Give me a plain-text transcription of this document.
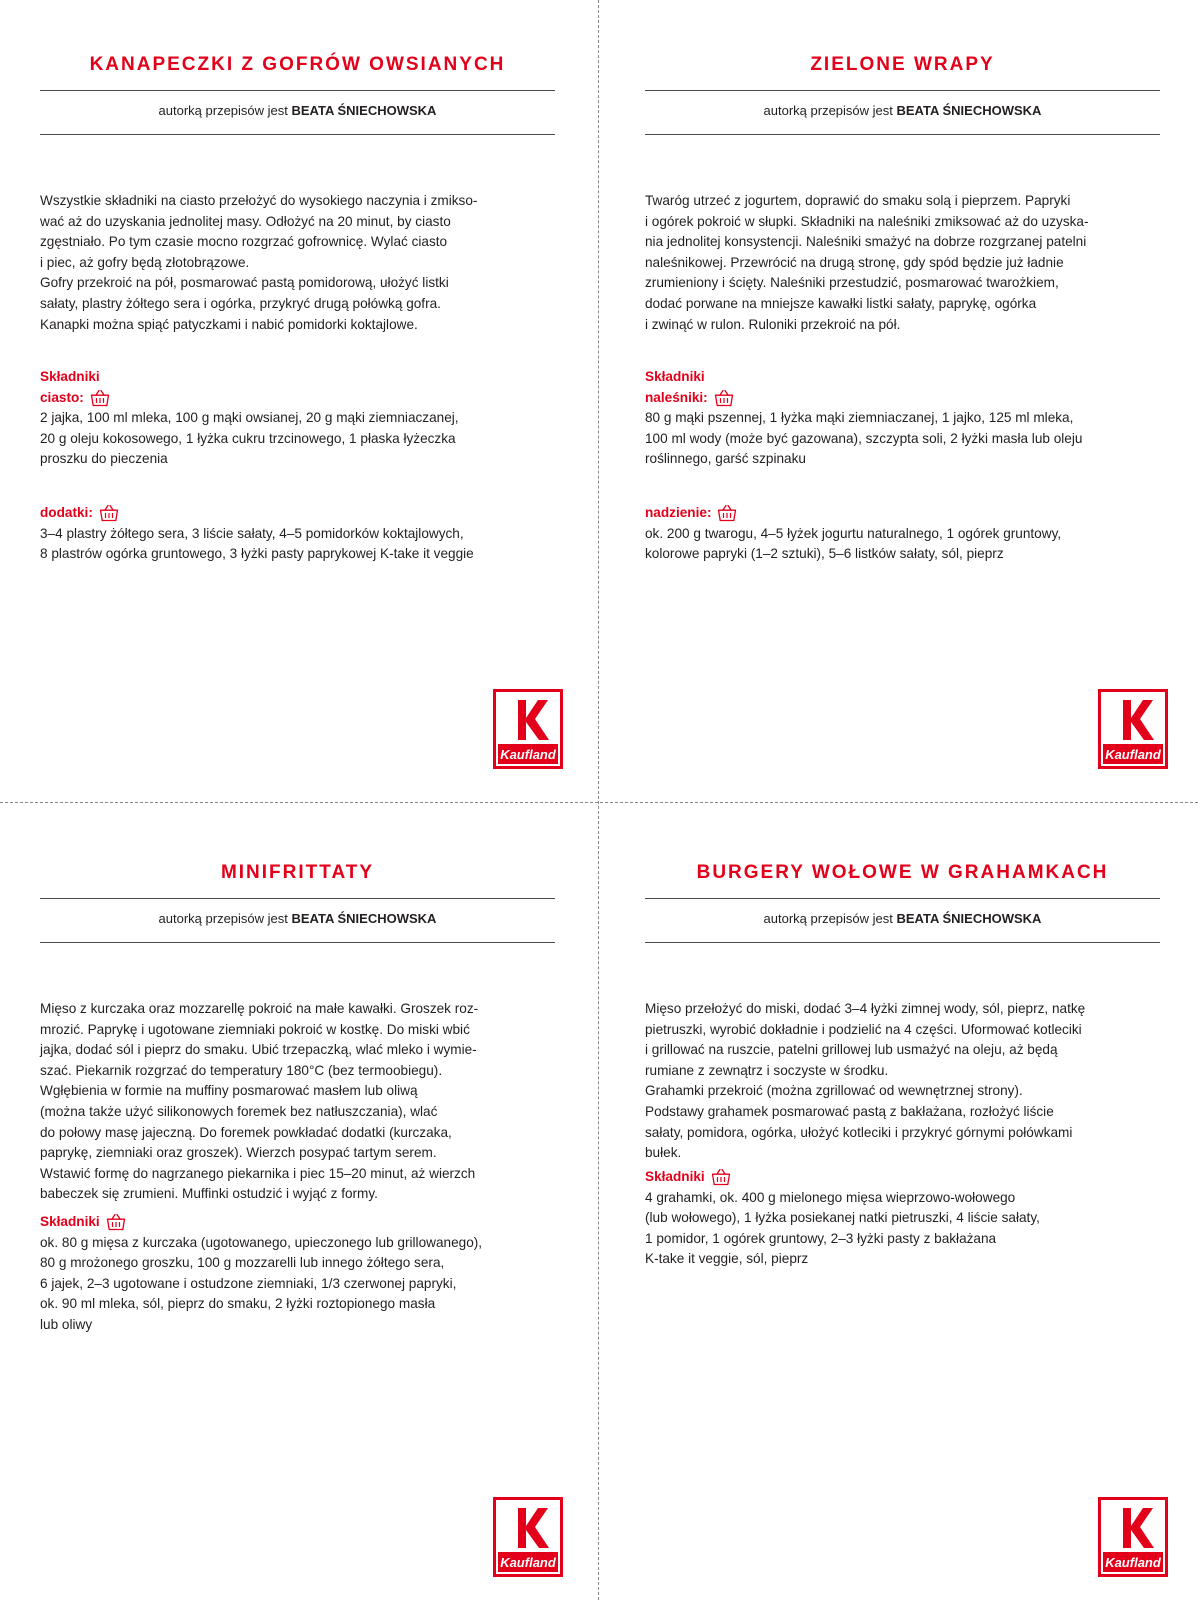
KANAPECZKI Z GOFRÓW OWSIANYCH
autorką przepisów jest BEATA ŚNIECHOWSKA

Wszystkie składniki na ciasto przełożyć do wysokiego naczynia i zmikso-

wać aż do uzyskania jednolitej masy. Odłożyć na 20 minut, by ciasto

zgęstniało. Po tym czasie mocno rozgrzać gofrownicę. Wylać ciasto

i piec, aż gofry będą złotobrązowe.

Gofry przekroić na pół, posmarować pastą pomidorową, ułożyć listki

sałaty, plastry żółtego sera i ogórka, przykryć drugą połówką gofra.

Kanapki można spiąć patyczkami i nabić pomidorki koktajlowe.

Składniki
ciasto:

2 jajka, 100 ml mleka, 100 g mąki owsianej, 20 g mąki ziemniaczanej,

20 g oleju kokosowego, 1 łyżka cukru trzcinowego, 1 płaska łyżeczka

proszku do pieczenia

dodatki:

3–4 plastry żółtego sera, 3 liście sałaty, 4–5 pomidorków koktajlowych,

8 plastrów ogórka gruntowego, 3 łyżki pasty paprykowej K-take it veggie

Kaufland
ZIELONE WRAPY
autorką przepisów jest BEATA ŚNIECHOWSKA

Twaróg utrzeć z jogurtem, doprawić do smaku solą i pieprzem. Papryki

i ogórek pokroić w słupki. Składniki na naleśniki zmiksować aż do uzyska-

nia jednolitej konsystencji. Naleśniki smażyć na dobrze rozgrzanej patelni

naleśnikowej. Przewrócić na drugą stronę, gdy spód będzie już ładnie

zrumieniony i ścięty. Naleśniki przestudzić, posmarować twarożkiem,

dodać porwane na mniejsze kawałki listki sałaty, paprykę, ogórka

i zwinąć w rulon. Ruloniki przekroić na pół.

Składniki
naleśniki:

80 g mąki pszennej, 1 łyżka mąki ziemniaczanej, 1 jajko, 125 ml mleka,

100 ml wody (może być gazowana), szczypta soli, 2 łyżki masła lub oleju

roślinnego, garść szpinaku

nadzienie:

ok. 200 g twarogu, 4–5 łyżek jogurtu naturalnego, 1 ogórek gruntowy,

kolorowe papryki (1–2 sztuki), 5–6 listków sałaty, sól, pieprz

Kaufland
MINIFRITTATY
autorką przepisów jest BEATA ŚNIECHOWSKA

Mięso z kurczaka oraz mozzarellę pokroić na małe kawałki. Groszek roz-

mrozić. Paprykę i ugotowane ziemniaki pokroić w kostkę. Do miski wbić

jajka, dodać sól i pieprz do smaku. Ubić trzepaczką, wlać mleko i wymie-

szać. Piekarnik rozgrzać do temperatury 180°C (bez termoobiegu).

Wgłębienia w formie na muffiny posmarować masłem lub oliwą

(można także użyć silikonowych foremek bez natłuszczania), wlać

do połowy masę jajeczną. Do foremek powkładać dodatki (kurczaka,

paprykę, ziemniaki oraz groszek). Wierzch posypać tartym serem.

Wstawić formę do nagrzanego piekarnika i piec 15–20 minut, aż wierzch

babeczek się zrumieni. Muffinki ostudzić i wyjąć z formy.

Składniki

ok. 80 g mięsa z kurczaka (ugotowanego, upieczonego lub grillowanego),

80 g mrożonego groszku, 100 g mozzarelli lub innego żółtego sera,

6 jajek, 2–3 ugotowane i ostudzone ziemniaki, 1/3 czerwonej papryki,

ok. 90 ml mleka, sól, pieprz do smaku, 2 łyżki roztopionego masła

lub oliwy

Kaufland
BURGERY WOŁOWE W GRAHAMKACH
autorką przepisów jest BEATA ŚNIECHOWSKA

Mięso przełożyć do miski, dodać 3–4 łyżki zimnej wody, sól, pieprz, natkę

pietruszki, wyrobić dokładnie i podzielić na 4 części. Uformować kotleciki

i grillować na ruszcie, patelni grillowej lub usmażyć na oleju, aż będą

rumiane z zewnątrz i soczyste w środku.

Grahamki przekroić (można zgrillować od wewnętrznej strony).

Podstawy grahamek posmarować pastą z bakłażana, rozłożyć liście

sałaty, pomidora, ogórka, ułożyć kotleciki i przykryć górnymi połówkami

bułek.

Składniki

4 grahamki, ok. 400 g mielonego mięsa wieprzowo-wołowego

(lub wołowego), 1 łyżka posiekanej natki pietruszki, 4 liście sałaty,

1 pomidor, 1 ogórek gruntowy, 2–3 łyżki pasty z bakłażana

K-take it veggie, sól, pieprz

Kaufland
